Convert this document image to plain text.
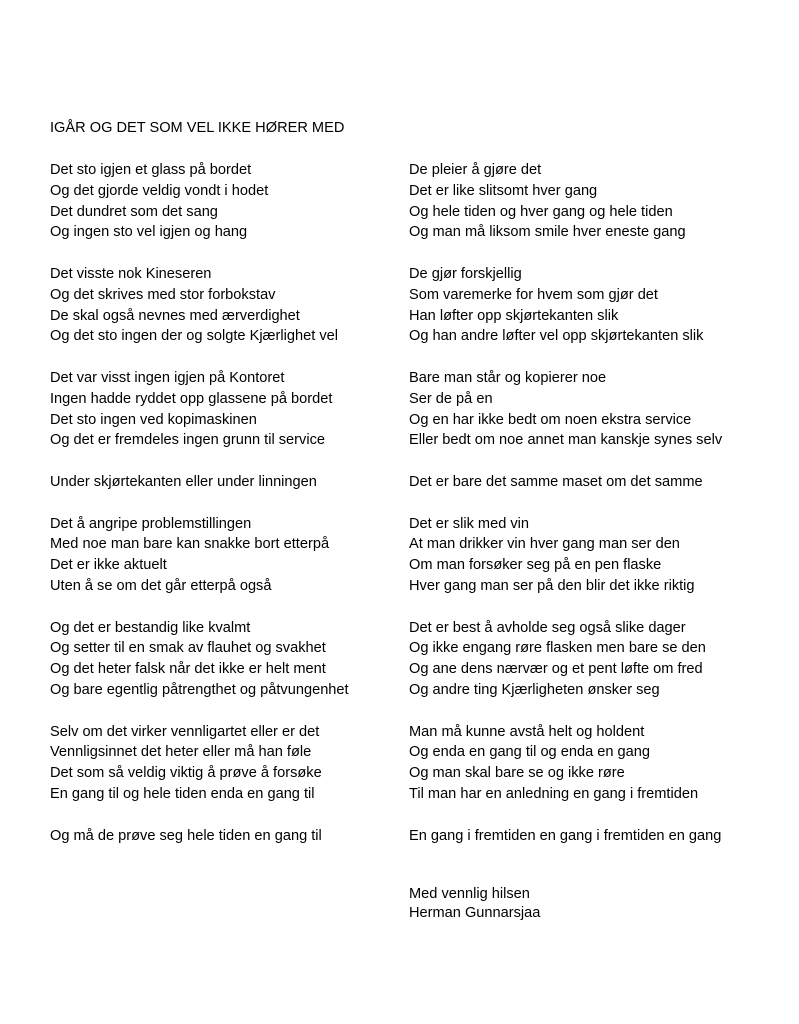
IGÅR OG DET SOM VEL IKKE HØRER MED
Det sto igjen et glass på bordet
Og det gjorde veldig vondt i hodet
Det dundret som det sang
Og ingen sto vel igjen og hang
Det visste nok Kineseren
Og det skrives med stor forbokstav
De skal også nevnes med ærverdighet
Og det sto ingen der og solgte Kjærlighet vel
Det var visst ingen igjen på Kontoret
Ingen hadde ryddet opp glassene på bordet
Det sto ingen ved kopimaskinen
Og det er fremdeles ingen grunn til service
Under skjørtekanten eller under linningen
Det å angripe problemstillingen
Med noe man bare kan snakke bort etterpå
Det er ikke aktuelt
Uten å se om det går etterpå også
Og det er bestandig like kvalmt
Og setter til en smak av flauhet og svakhet
Og det heter falsk når det ikke er helt ment
Og bare egentlig påtrengthet og påtvungenhet
Selv om det virker vennligartet eller er det
Vennligsinnet det heter eller må han føle
Det som så veldig viktig å prøve å forsøke
En gang til og hele tiden enda en gang til
Og må de prøve seg hele tiden en gang til
De pleier å gjøre det
Det er like slitsomt hver gang
Og hele tiden og hver gang og hele tiden
Og man må liksom smile hver eneste gang
De gjør forskjellig
Som varemerke for hvem som gjør det
Han løfter opp skjørtekanten slik
Og han andre løfter vel opp skjørtekanten slik
Bare man står og kopierer noe
Ser de på en
Og en har ikke bedt om noen ekstra service
Eller bedt om noe annet man kanskje synes selv
Det er bare det samme maset om det samme
Det er slik med vin
At man drikker vin hver gang man ser den
Om man forsøker seg på en pen flaske
Hver gang man ser på den blir det ikke riktig
Det er best å avholde seg også slike dager
Og ikke engang røre flasken men bare se den
Og ane dens nærvær og et pent løfte om fred
Og andre ting Kjærligheten ønsker seg
Man må kunne avstå helt og holdent
Og enda en gang til og enda en gang
Og man skal bare se og ikke røre
Til man har en anledning en gang i fremtiden
En gang i fremtiden en gang i fremtiden en gang
Med vennlig hilsen
Herman Gunnarsjaa
